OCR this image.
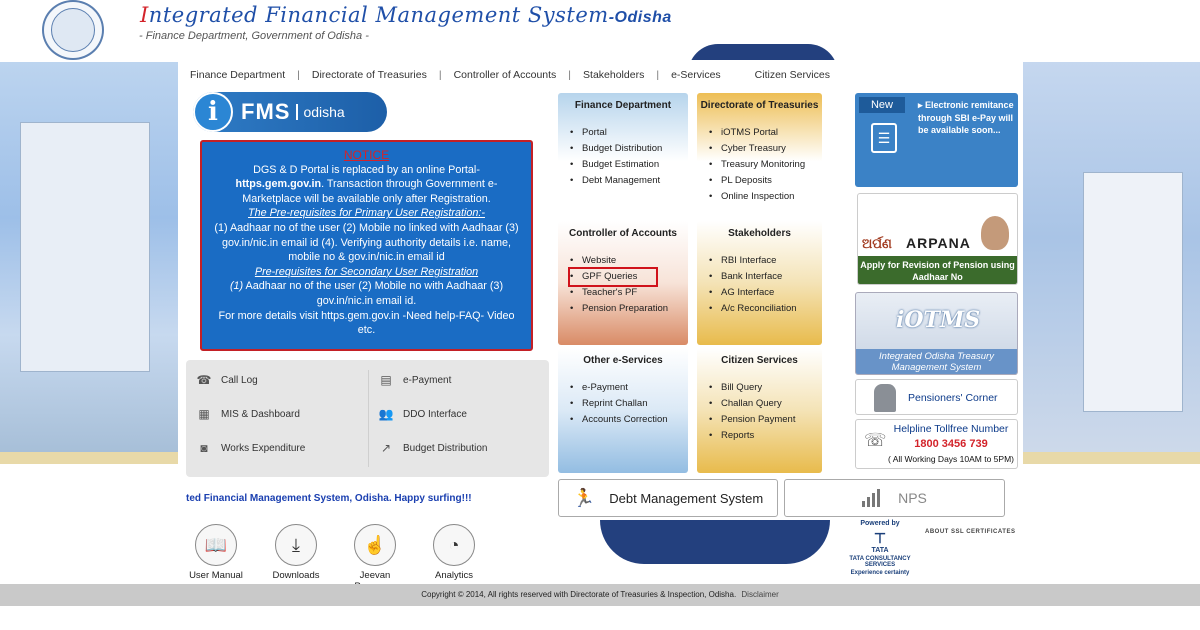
Integrated Financial Management System-Odisha
- Finance Department, Government of Odisha -
Finance Department	|	Directorate of Treasuries	|	Controller of Accounts	|	Stakeholders	|	e-Services	Citizen Services
i	FMS odisha
NOTICE
DGS & D Portal is replaced by an online Portal-https.gem.gov.in. Transaction through Government e-Marketplace will be available only after Registration.
The Pre-requisites for Primary User Registration:-
(1) Aadhaar no of the user (2) Mobile no linked with Aadhaar (3) gov.in/nic.in email id (4). Verifying authority details i.e. name, mobile no & gov.in/nic.in email id
Pre-requisites for Secondary User Registration
(1) Aadhaar no of the user (2) Mobile no with Aadhaar (3) gov.in/nic.in email id.
For more details visit https.gem.gov.in -Need help-FAQ- Video etc.
☎ Call Log	▤ e-Payment
▦ MIS & Dashboard	👥 DDO Interface
◙	Works Expenditure	↗ Budget Distribution
ted Financial Management System, Odisha. Happy surfing!!!
📖
User Manual
⤓
Downloads
☝
Jeevan
◔
Analytics
Finance Department
• Portal
• Budget Distribution
• Budget Estimation
• Debt Management
Directorate of Treasuries
• iOTMS Portal
• Cyber Treasury
• Treasury Monitoring
• PL Deposits
• Online Inspection
Controller of Accounts
• Website
• GPF Queries
• Teacher's PF
• Pension Preparation
Stakeholders
• RBI Interface
• Bank Interface
• AG Interface
• A/c Reconciliation
Other e-Services
• e-Payment
• Reprint Challan
• Accounts Correction
Citizen Services
• Bill Query
• Challan Query
• Pension Payment
• Reports
New
☰
▸ Electronic remitance through SBI e-Pay will be available soon...
ଅର୍ପଣ ARPANA
Apply for Revision of Pension using Aadhaar No
iOTMS
Integrated Odisha Treasury Management System
Pensioners' Corner
☏
Helpline Tollfree Number
1800 3456 739
( All Working Days 10AM to 5PM)
🏃 Debt Management System	NPS
Powered by
⊤
TATA
TATA CONSULTANCY SERVICES
Experience certainty
ABOUT SSL CERTIFICATES
Copyright © 2014, All rights reserved with Directorate of Treasuries & Inspection, Odisha. Disclaimer
